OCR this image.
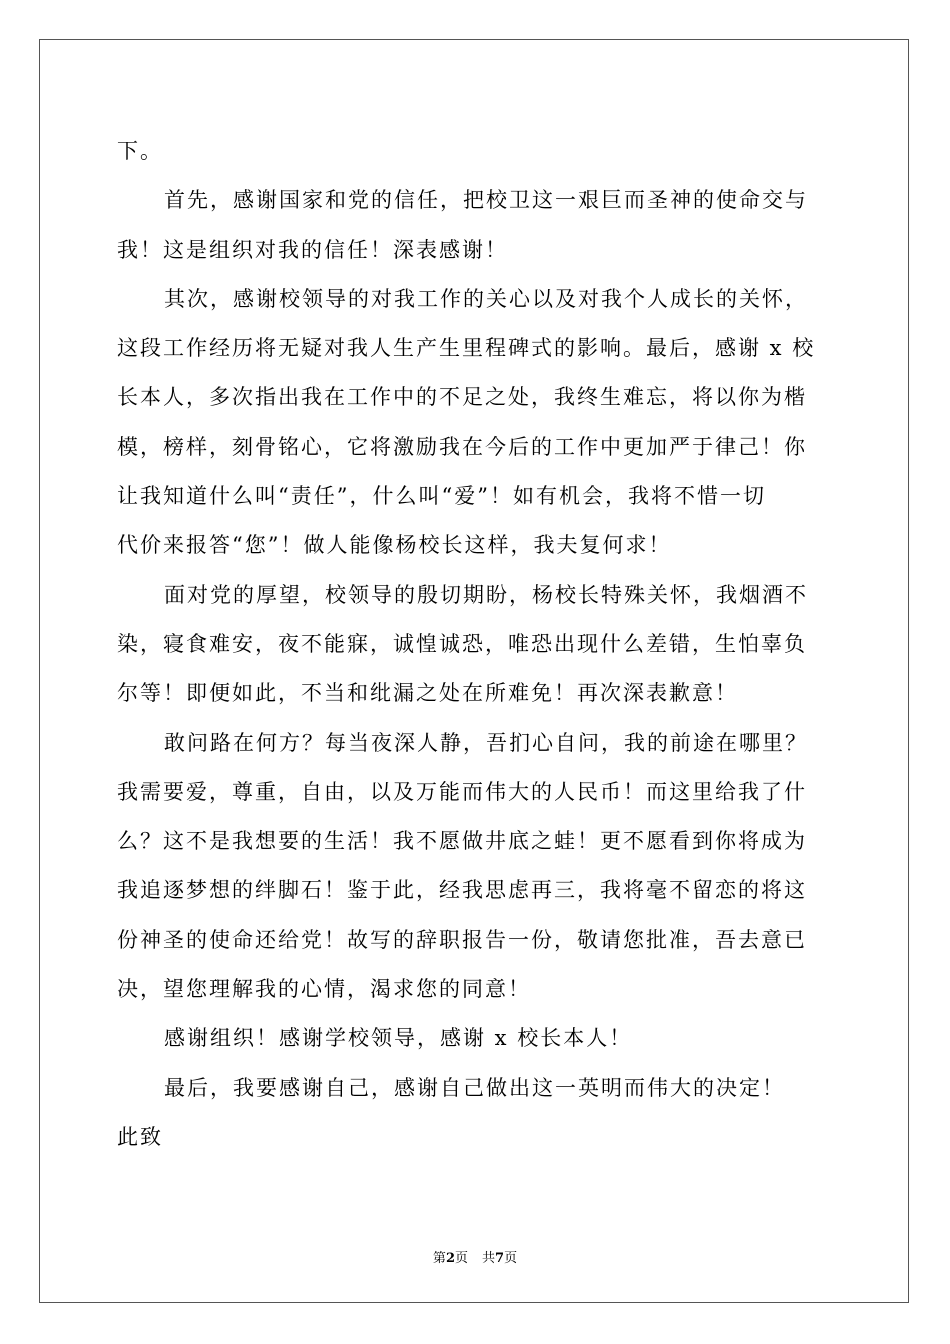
下。

首先，感谢国家和党的信任，把校卫这一艰巨而圣神的使命交与

我！这是组织对我的信任！深表感谢！

其次，感谢校领导的对我工作的关心以及对我个人成长的关怀，

这段工作经历将无疑对我人生产生里程碑式的影响。最后，感谢 x 校

长本人，多次指出我在工作中的不足之处，我终生难忘，将以你为楷

模，榜样，刻骨铭心，它将激励我在今后的工作中更加严于律己！你

让我知道什么叫“责任”，什么叫“爱”！如有机会，我将不惜一切

代价来报答“您”！做人能像杨校长这样，我夫复何求！

面对党的厚望，校领导的殷切期盼，杨校长特殊关怀，我烟酒不

染，寝食难安，夜不能寐，诚惶诚恐，唯恐出现什么差错，生怕辜负

尔等！即便如此，不当和纰漏之处在所难免！再次深表歉意！

敢问路在何方？每当夜深人静，吾扪心自问，我的前途在哪里？

我需要爱，尊重，自由，以及万能而伟大的人民币！而这里给我了什

么？这不是我想要的生活！我不愿做井底之蛙！更不愿看到你将成为

我追逐梦想的绊脚石！鉴于此，经我思虑再三，我将毫不留恋的将这

份神圣的使命还给党！故写的辞职报告一份，敬请您批准，吾去意已

决，望您理解我的心情，渴求您的同意！

感谢组织！感谢学校领导，感谢 x 校长本人！

最后，我要感谢自己，感谢自己做出这一英明而伟大的决定！

此致

第2页 共7页
